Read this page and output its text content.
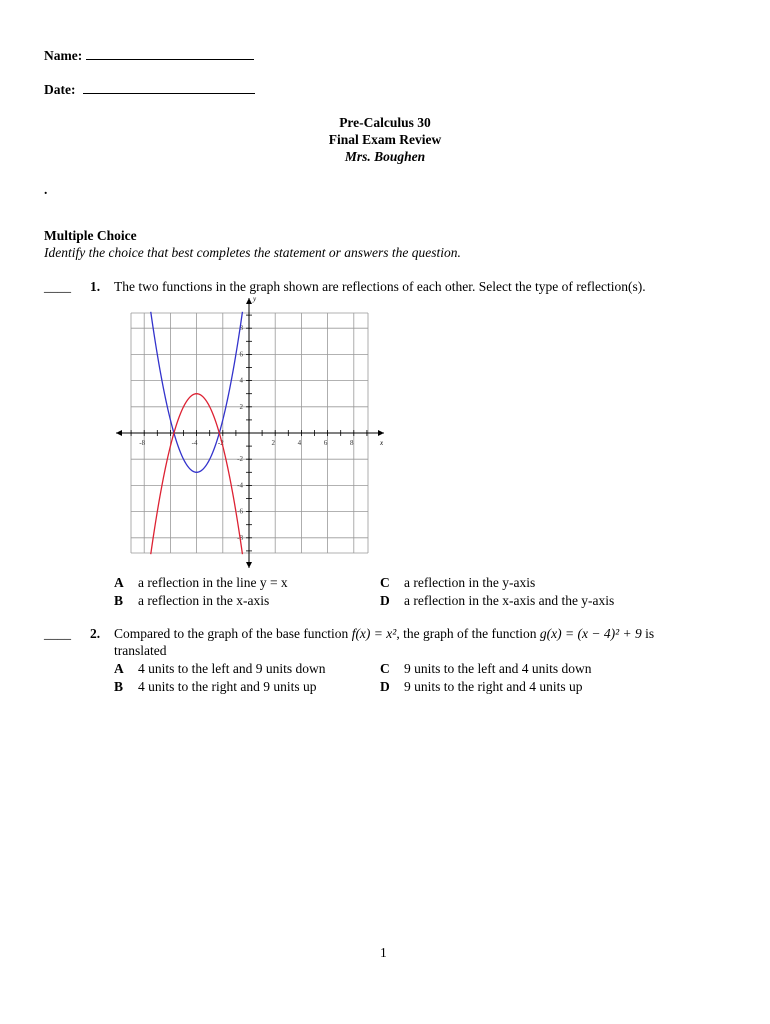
Name:
Date:
Pre-Calculus 30
Final Exam Review
Mrs. Boughen
.
Multiple Choice
Identify the choice that best completes the statement or answers the question.
____ 1. The two functions in the graph shown are reflections of each other. Select the type of reflection(s).
-8	-4	-2	2	4	6	8
8
6
4
2
-2
-4
-6
-8
x
y
A a reflection in the line y = x
B a reflection in the x-axis
C a reflection in the y-axis
D a reflection in the x-axis and the y-axis
____ 2. Compared to the graph of the base function f(x) = x², the graph of the function g(x) = (x − 4)² + 9 is
translated
A 4 units to the left and 9 units down
B 4 units to the right and 9 units up
C 9 units to the left and 4 units down
D 9 units to the right and 4 units up
1
